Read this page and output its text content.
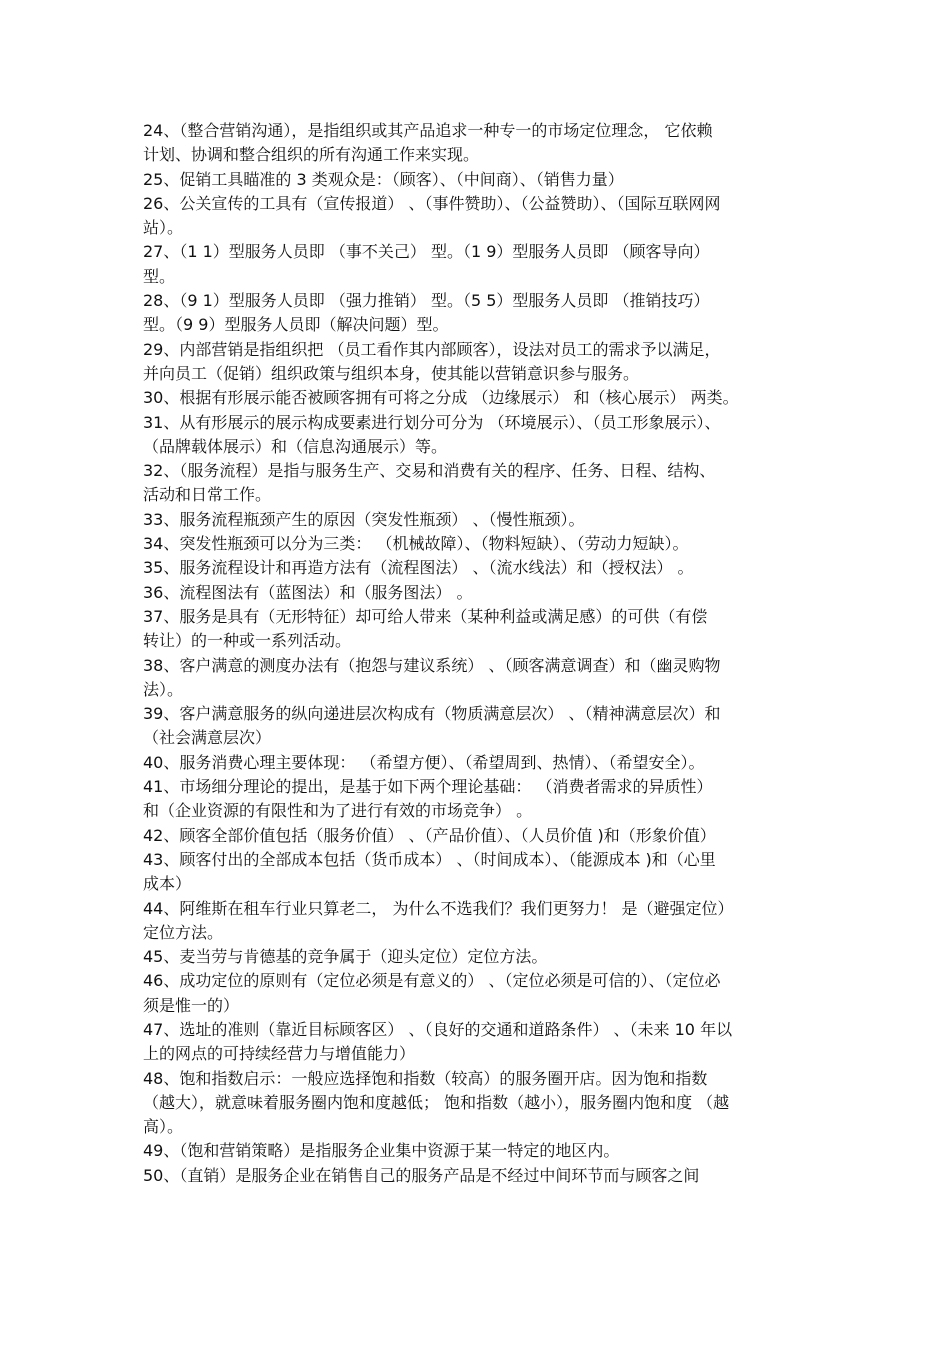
24、（整合营销沟通），是指组织或其产品追求一种专一的市场定位理念， 它依赖
计划、协调和整合组织的所有沟通工作来实现。
25、促销工具瞄准的 3 类观众是：（顾客）、（中间商）、（销售力量）
26、公关宣传的工具有（宣传报道） 、（事件赞助）、（公益赞助）、（国际互联网网
站）。
27、（1 1）型服务人员即 （事不关己） 型。（1 9）型服务人员即 （顾客导向）
型。
28、（9 1）型服务人员即 （强力推销） 型。（5 5）型服务人员即 （推销技巧）
型。（9 9）型服务人员即（解决问题）型。
29、内部营销是指组织把 （员工看作其内部顾客），设法对员工的需求予以满足，
并向员工（促销）组织政策与组织本身，使其能以营销意识参与服务。
30、根据有形展示能否被顾客拥有可将之分成 （边缘展示） 和（核心展示） 两类。
31、从有形展示的展示构成要素进行划分可分为 （环境展示）、（员工形象展示）、
（品牌载体展示）和（信息沟通展示）等。
32、（服务流程）是指与服务生产、交易和消费有关的程序、任务、日程、结构、
活动和日常工作。
33、服务流程瓶颈产生的原因（突发性瓶颈） 、（慢性瓶颈）。
34、突发性瓶颈可以分为三类： （机械故障）、（物料短缺）、（劳动力短缺）。
35、服务流程设计和再造方法有（流程图法） 、（流水线法）和（授权法） 。
36、流程图法有（蓝图法）和（服务图法） 。
37、服务是具有（无形特征）却可给人带来（某种利益或满足感）的可供（有偿
转让）的一种或一系列活动。
38、客户满意的测度办法有（抱怨与建议系统） 、（顾客满意调查）和（幽灵购物
法）。
39、客户满意服务的纵向递进层次构成有（物质满意层次） 、（精神满意层次）和
（社会满意层次）
40、服务消费心理主要体现： （希望方便）、（希望周到、热情）、（希望安全）。
41、市场细分理论的提出，是基于如下两个理论基础： （消费者需求的异质性）
和（企业资源的有限性和为了进行有效的市场竞争） 。
42、顾客全部价值包括（服务价值） 、（产品价值）、（人员价值 )和（形象价值）
43、顾客付出的全部成本包括（货币成本） 、（时间成本）、（能源成本 )和（心里
成本）
44、阿维斯在租车行业只算老二， 为什么不选我们？我们更努力！ 是（避强定位）
定位方法。
45、麦当劳与肯德基的竞争属于（迎头定位）定位方法。
46、成功定位的原则有（定位必须是有意义的） 、（定位必须是可信的）、（定位必
须是惟一的）
47、选址的准则（靠近目标顾客区） 、（良好的交通和道路条件） 、（未来 10 年以
上的网点的可持续经营力与增值能力）
48、饱和指数启示：一般应选择饱和指数（较高）的服务圈开店。因为饱和指数
（越大），就意味着服务圈内饱和度越低； 饱和指数（越小），服务圈内饱和度 （越
高）。
49、（饱和营销策略）是指服务企业集中资源于某一特定的地区内。
50、（直销）是服务企业在销售自己的服务产品是不经过中间环节而与顾客之间
